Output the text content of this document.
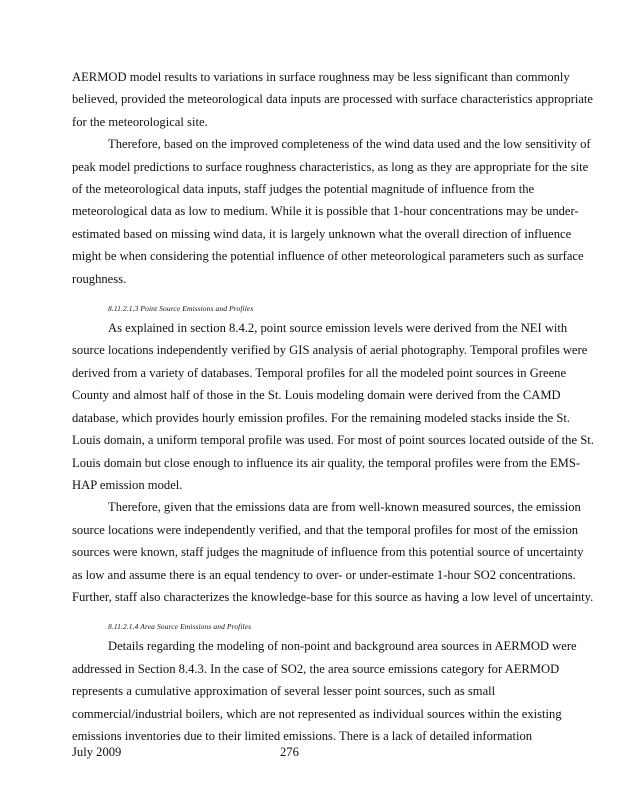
AERMOD model results to variations in surface roughness may be less significant than commonly believed, provided the meteorological data inputs are processed with surface characteristics appropriate for the meteorological site.

Therefore, based on the improved completeness of the wind data used and the low sensitivity of peak model predictions to surface roughness characteristics, as long as they are appropriate for the site of the meteorological data inputs, staff judges the potential magnitude of influence from the meteorological data as low to medium. While it is possible that 1-hour concentrations may be under-estimated based on missing wind data, it is largely unknown what the overall direction of influence might be when considering the potential influence of other meteorological parameters such as surface roughness.

8.11.2.1.3 Point Source Emissions and Profiles

As explained in section 8.4.2, point source emission levels were derived from the NEI with source locations independently verified by GIS analysis of aerial photography. Temporal profiles were derived from a variety of databases. Temporal profiles for all the modeled point sources in Greene County and almost half of those in the St. Louis modeling domain were derived from the CAMD database, which provides hourly emission profiles. For the remaining modeled stacks inside the St. Louis domain, a uniform temporal profile was used. For most of point sources located outside of the St. Louis domain but close enough to influence its air quality, the temporal profiles were from the EMS-HAP emission model.

Therefore, given that the emissions data are from well-known measured sources, the emission source locations were independently verified, and that the temporal profiles for most of the emission sources were known, staff judges the magnitude of influence from this potential source of uncertainty as low and assume there is an equal tendency to over- or under-estimate 1-hour SO2 concentrations. Further, staff also characterizes the knowledge-base for this source as having a low level of uncertainty.

8.11.2.1.4 Area Source Emissions and Profiles

Details regarding the modeling of non-point and background area sources in AERMOD were addressed in Section 8.4.3. In the case of SO2, the area source emissions category for AERMOD represents a cumulative approximation of several lesser point sources, such as small commercial/industrial boilers, which are not represented as individual sources within the existing emissions inventories due to their limited emissions. There is a lack of detailed information

July 2009	276
